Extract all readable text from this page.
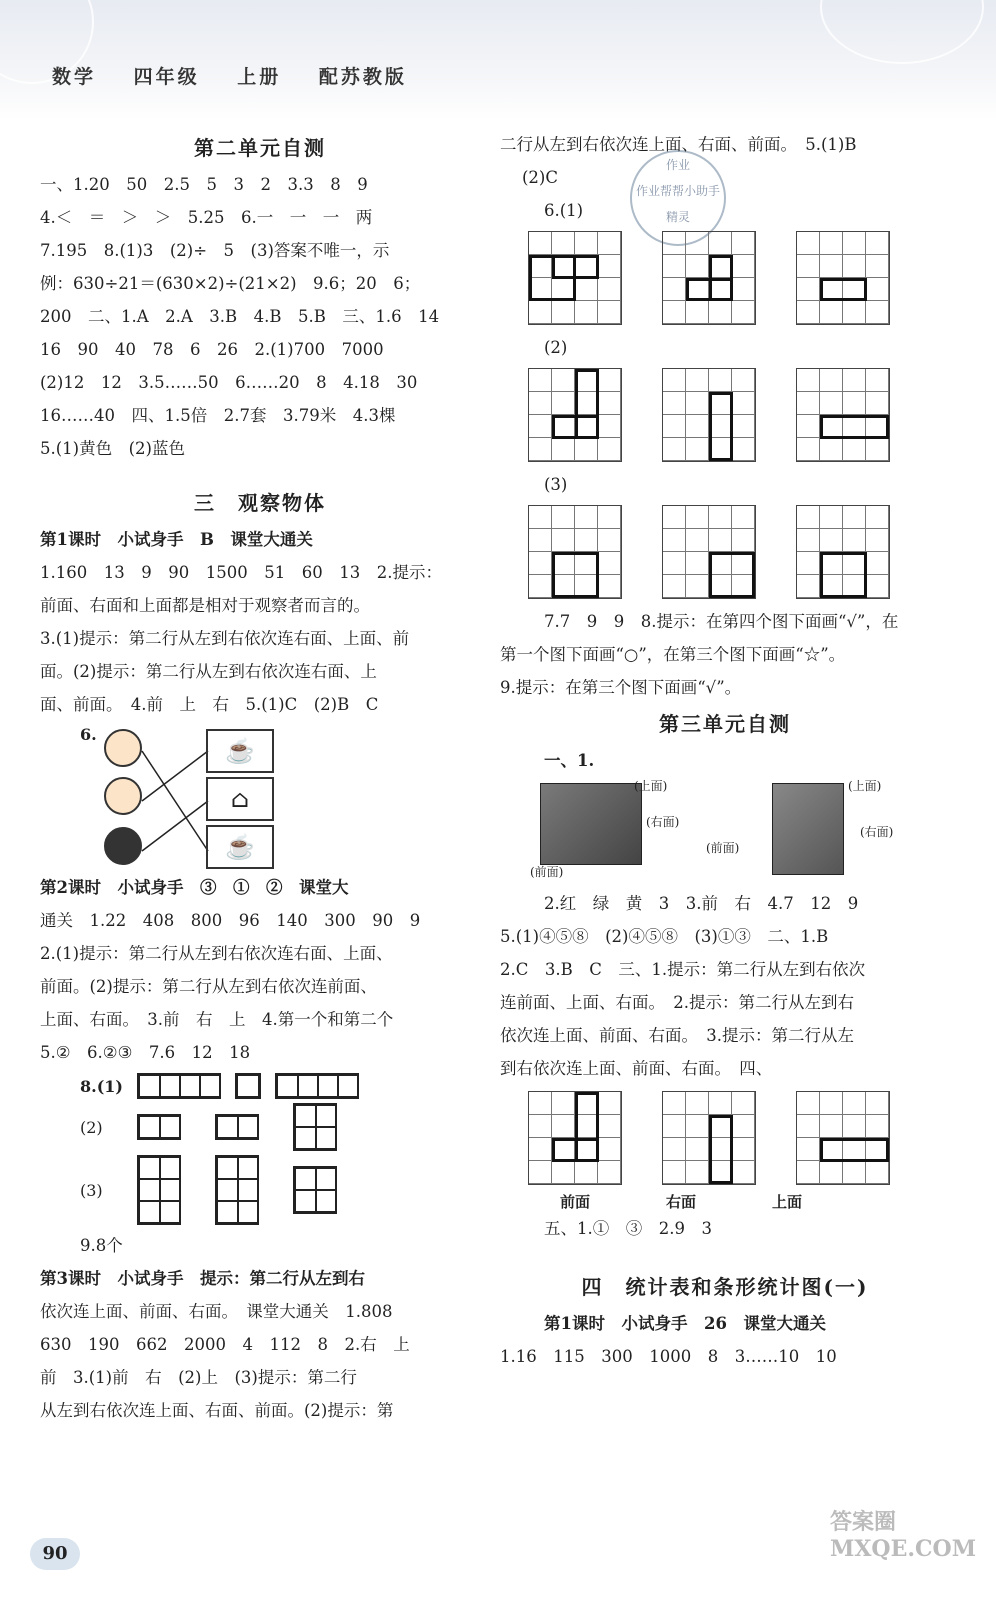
数学 四年级 上册 配苏教版
作业
作业帮帮小助手
精灵
第二单元自测
一、1.20　50　2.5　5　3　2　3.3　8　9
4.＜　＝　＞　＞　5.25　6.一　一　一　两
7.195　8.(1)3　(2)÷　5　(3)答案不唯一，示
例：630÷21＝(630×2)÷(21×2)　9.6；20　6；
200　二、1.A　2.A　3.B　4.B　5.B　三、1.6　14
16　90　40　78　6　26　2.(1)700　7000
(2)12　12　3.5……50　6……20　8　4.18　30
16……40　四、1.5倍　2.7套　3.79米　4.3棵
5.(1)黄色　(2)蓝色
三　观察物体
第1课时　小试身手　B　课堂大通关
1.160　13　9　90　1500　51　60　13　2.提示：
前面、右面和上面都是相对于观察者而言的。
3.(1)提示：第二行从左到右依次连右面、上面、前
面。(2)提示：第二行从左到右依次连右面、上
面、前面。　4.前　上　右　5.(1)C　(2)B　C
6.
☕
⌂
☕
第2课时　小试身手　③　①　②　课堂大
通关　1.22　408　800　96　140　300　90　9
2.(1)提示：第二行从左到右依次连右面、上面、
前面。(2)提示：第二行从左到右依次连前面、
上面、右面。　3.前　右　上　4.第一个和第二个
5.②　6.②③　7.6　12　18
8.(1)
(2)
(3)
9.8个
第3课时　小试身手　提示：第二行从左到右
依次连上面、前面、右面。　课堂大通关　1.808
630　190　662　2000　4　112　8　2.右　上
前　3.(1)前　右　(2)上　(3)提示：第二行
从左到右依次连上面、右面、前面。(2)提示：第
二行从左到右依次连上面、右面、前面。　5.(1)B
(2)C
6.(1)
(2)
(3)
7.7　9　9　8.提示：在第四个图下面画“√”，在
第一个图下面画“○”，在第三个图下面画“☆”。
9.提示：在第三个图下面画“√”。
第三单元自测
一、1.
(上面)
(右面)
(前面)
(上面)
(右面)
(前面)
2.红　绿　黄　3　3.前　右　4.7　12　9
5.(1)④⑤⑧　(2)④⑤⑧　(3)①③　二、1.B
2.C　3.B　C　三、1.提示：第二行从左到右依次
连前面、上面、右面。　2.提示：第二行从左到右
依次连上面、前面、右面。　3.提示：第二行从左
到右依次连上面、前面、右面。　四、
前面	右面	上面
五、1.①　③　2.9　3
四　统计表和条形统计图(一)
第1课时　小试身手　26　课堂大通关
1.16　115　300　1000　8　3……10　10
90
答案圈 MXQE.COM
